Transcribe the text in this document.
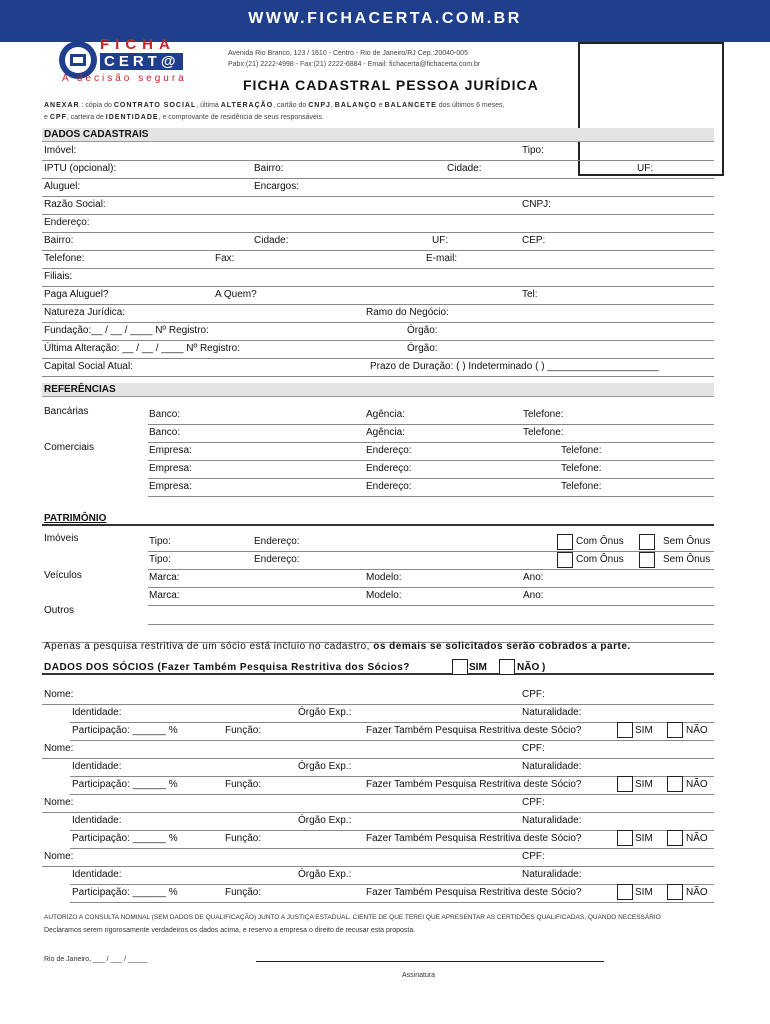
WWW.FICHACERTA.COM.BR
FICHA
CERT@
A decisão segura
Avenida Rio Branco, 123 / 1610 - Centro - Rio de Janeiro/RJ Cep.:20040-005
Pabx:(21) 2222-4998 - Fax:(21) 2222-6884 - Email: fichacerta@fichacerta.com.br
FICHA CADASTRAL PESSOA JURÍDICA
ANEXAR : cópia do CONTRATO SOCIAL, última ALTERAÇÃO, cartão do CNPJ, BALANÇO e BALANCETE dos últimos 6 meses,
e CPF, carteira de IDENTIDADE, e comprovante de residência de seus responsáveis.
DADOS CADASTRAIS
Imóvel:	Tipo:
IPTU (opcional):	Bairro:	Cidade:	UF:
Aluguel:	Encargos:
Razão Social:	CNPJ:
Endereço:
Bairro:	Cidade:	UF:	CEP:
Telefone:	Fax:	E-mail:
Filiais:
Paga Aluguel?	A Quem?	Tel:
Natureza Jurídica:	Ramo do Negócio:
Fundação:__ / __ / ____ Nº Registro:	Órgão:
Última Alteração: __ / __ / ____ Nº Registro:	Órgão:
Capital Social Atual:	Prazo de Duração: ( ) Indeterminado ( ) ____________________
REFERÊNCIAS
Bancárias	Banco:	Agência:	Telefone:
Banco:	Agência:	Telefone:
Comerciais	Empresa:	Endereço:	Telefone:
Empresa:	Endereço:	Telefone:
Empresa:	Endereço:	Telefone:
PATRIMÔNIO
Imóveis	Tipo:	Endereço:	Com Ônus	Sem Ônus
Tipo:	Endereço:	Com Ônus	Sem Ônus
Veículos	Marca:	Modelo:	Ano:
Marca:	Modelo:	Ano:
Outros
Apenas a pesquisa restritiva de um sócio está incluio no cadastro, os demais se solicitados serão cobrados a parte.
DADOS DOS SÓCIOS (Fazer Também Pesquisa Restritiva dos Sócios?	SIM	NÃO )
Nome:	CPF:
Identidade:	Órgão Exp.:	Naturalidade:
Participação: ______ %	Função:	Fazer Também Pesquisa Restritiva deste Sócio?	SIM	NÃO
Nome:	CPF:
Identidade:	Órgão Exp.:	Naturalidade:
Participação: ______ %	Função:	Fazer Também Pesquisa Restritiva deste Sócio?	SIM	NÃO
Nome:	CPF:
Identidade:	Órgão Exp.:	Naturalidade:
Participação: ______ %	Função:	Fazer Também Pesquisa Restritiva deste Sócio?	SIM	NÃO
Nome:	CPF:
Identidade:	Órgão Exp.:	Naturalidade:
Participação: ______ %	Função:	Fazer Também Pesquisa Restritiva deste Sócio?	SIM	NÃO
AUTORIZO A CONSULTA NOMINAL (SEM DADOS DE QUALIFICAÇÃO) JUNTO A JUSTIÇA ESTADUAL. CIENTE DE QUE TEREI QUE APRESENTAR AS CERTIDÕES QUALIFICADAS, QUANDO NECESSÁRIO
Declaramos serem rigorosamente verdadeiros os dados acima, e reservo a empresa o direito de recusar esta proposta.
Rio de Janeiro, ___ / ___ / _____
Assinatura
